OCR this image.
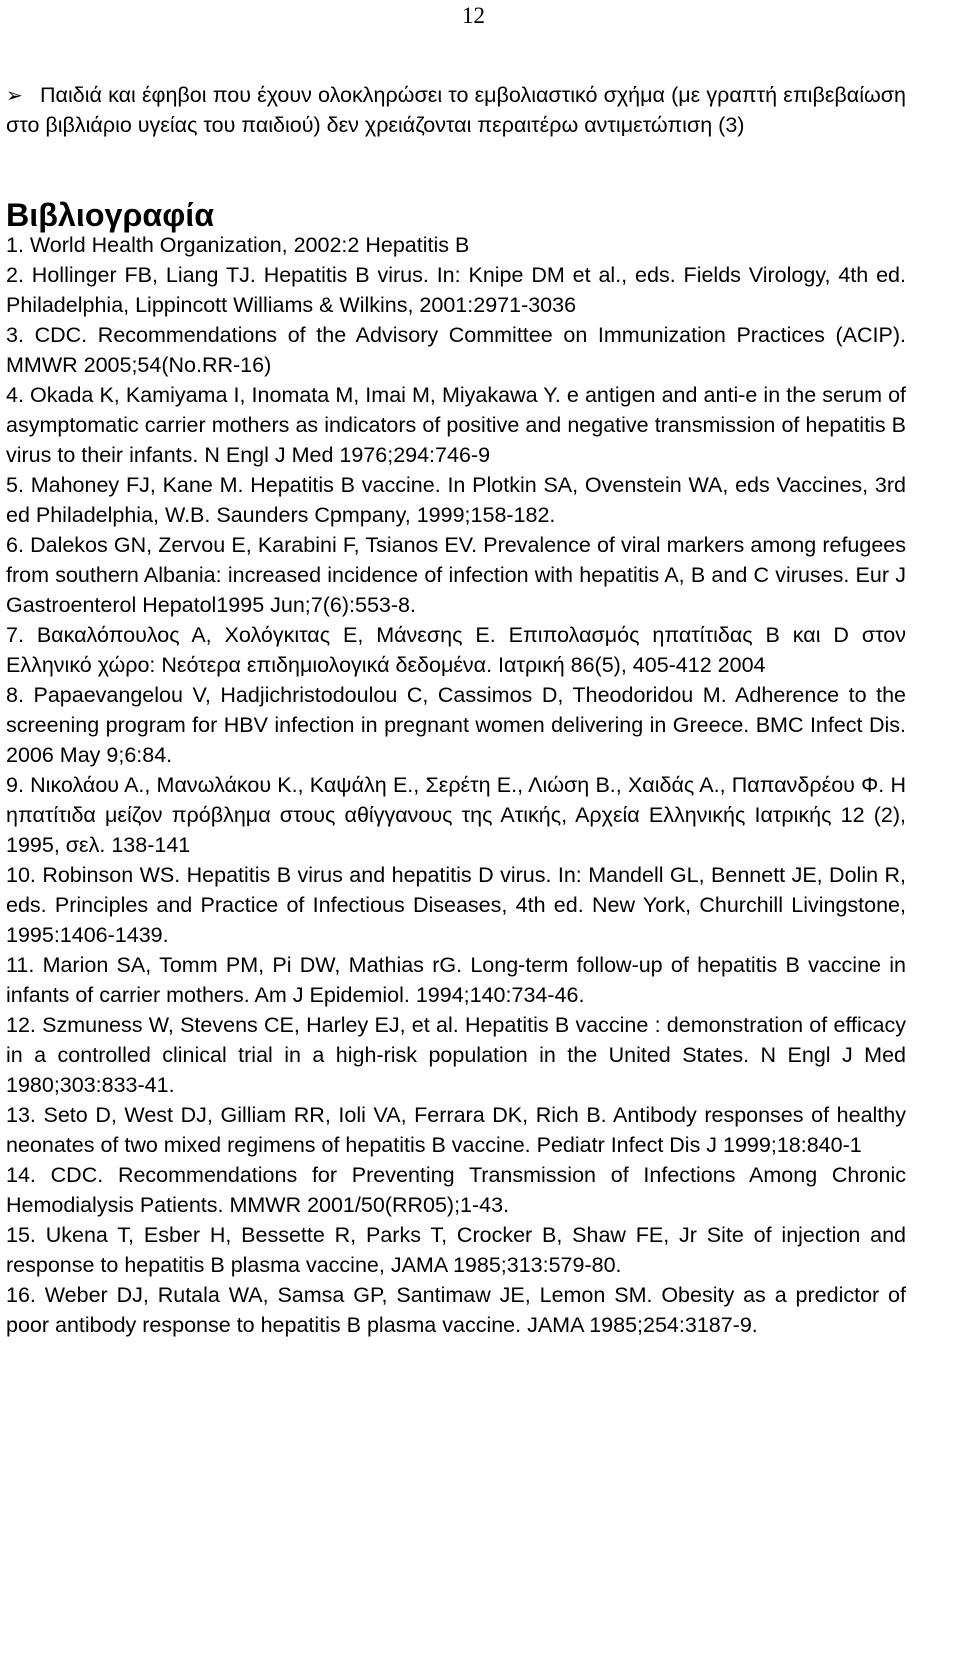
12

➢ Παιδιά και έφηβοι που έχουν ολοκληρώσει το εμβολιαστικό σχήμα (με γραπτή επιβεβαίωση στο βιβλιάριο υγείας του παιδιού) δεν χρειάζονται περαιτέρω αντιμετώπιση (3)

Βιβλιογραφία
1. World Health Organization, 2002:2 Hepatitis B
2. Hollinger FB, Liang TJ. Hepatitis B virus. In: Knipe DM et al., eds. Fields Virology, 4th ed. Philadelphia, Lippincott Williams & Wilkins, 2001:2971-3036
3. CDC. Recommendations of the Advisory Committee on Immunization Practices (ACIP). MMWR 2005;54(No.RR-16)
4. Okada K, Kamiyama I, Inomata M, Imai M, Miyakawa Y. e antigen and anti-e in the serum of asymptomatic carrier mothers as indicators of positive and negative transmission of hepatitis B virus to their infants. N Engl J Med 1976;294:746-9
5. Mahoney FJ, Kane M. Hepatitis B vaccine. In Plotkin SA, Ovenstein WA, eds Vaccines, 3rd ed Philadelphia, W.B. Saunders Cpmpany, 1999;158-182.
6. Dalekos GN, Zervou E, Karabini F, Tsianos EV. Prevalence of viral markers among refugees from southern Albania: increased incidence of infection with hepatitis A, B and C viruses. Eur J Gastroenterol Hepatol1995 Jun;7(6):553-8.
7. Βακαλόπουλος Α, Χολόγκιτας Ε, Μάνεσης Ε. Επιπολασμός ηπατίτιδας Β και D στον Ελληνικό χώρο: Νεότερα επιδημιολογικά δεδομένα. Ιατρική 86(5), 405-412 2004
8. Papaevangelou V, Hadjichristodoulou C, Cassimos D, Theodoridou M. Adherence to the screening program for HBV infection in pregnant women delivering in Greece. BMC Infect Dis. 2006 May 9;6:84.
9. Νικολάου Α., Μανωλάκου Κ., Καψάλη Ε., Σερέτη Ε., Λιώση Β., Χαιδάς Α., Παπανδρέου Φ. Η ηπατίτιδα μείζον πρόβλημα στους αθίγγανους της Ατικής, Αρχεία Ελληνικής Ιατρικής 12 (2), 1995, σελ. 138-141
10. Robinson WS. Hepatitis B virus and hepatitis D virus. In: Mandell GL, Bennett JE, Dolin R, eds. Principles and Practice of Infectious Diseases, 4th ed. New York, Churchill Livingstone, 1995:1406-1439.
11. Marion SA, Tomm PM, Pi DW, Mathias rG. Long-term follow-up of hepatitis B vaccine in infants of carrier mothers. Am J Epidemiol. 1994;140:734-46.
12. Szmuness W, Stevens CE, Harley EJ, et al. Hepatitis B vaccine : demonstration of efficacy in a controlled clinical trial in a high-risk population in the United States. N Engl J Med 1980;303:833-41.
13. Seto D, West DJ, Gilliam RR, Ioli VA, Ferrara DK, Rich B. Antibody responses of healthy neonates of two mixed regimens of hepatitis B vaccine. Pediatr Infect Dis J 1999;18:840-1
14. CDC. Recommendations for Preventing Transmission of Infections Among Chronic Hemodialysis Patients. MMWR 2001/50(RR05);1-43.
15. Ukena T, Esber H, Bessette R, Parks T, Crocker B, Shaw FE, Jr Site of injection and response to hepatitis B plasma vaccine, JAMA 1985;313:579-80.
16. Weber DJ, Rutala WA, Samsa GP, Santimaw JE, Lemon SM. Obesity as a predictor of poor antibody response to hepatitis B plasma vaccine. JAMA 1985;254:3187-9.
